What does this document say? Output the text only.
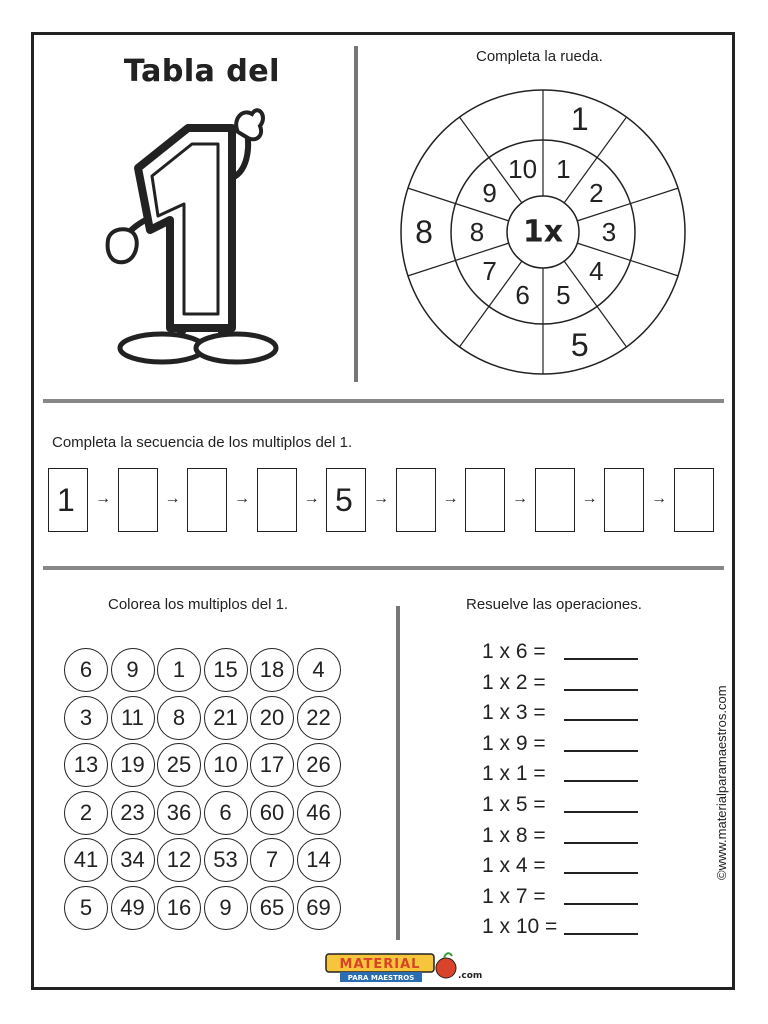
Tabla del	Completa la rueda.
1x
1
2
3
4
5
6
7
8
9
10
1
5
8
Completa la secuencia de los multiplos del 1.
1	→	→	→	→ 5	→	→	→	→	→
Colorea los multiplos del 1.
6	9	1	15	18	4
3	11	8	21	20	22
13	19	25	10	17	26
2	23	36	6	60	46
41	34	12	53	7	14
5	49	16	9	65	69
Resuelve las operaciones.
1 x 6 =
1 x 2 =
1 x 3 =
1 x 9 =
1 x 1 =
1 x 5 =
1 x 8 =
1 x 4 =
1 x 7 =
1 x 10 =
©www.materialparamaestros.com
MATERIAL
PARA MAESTROS	.com
